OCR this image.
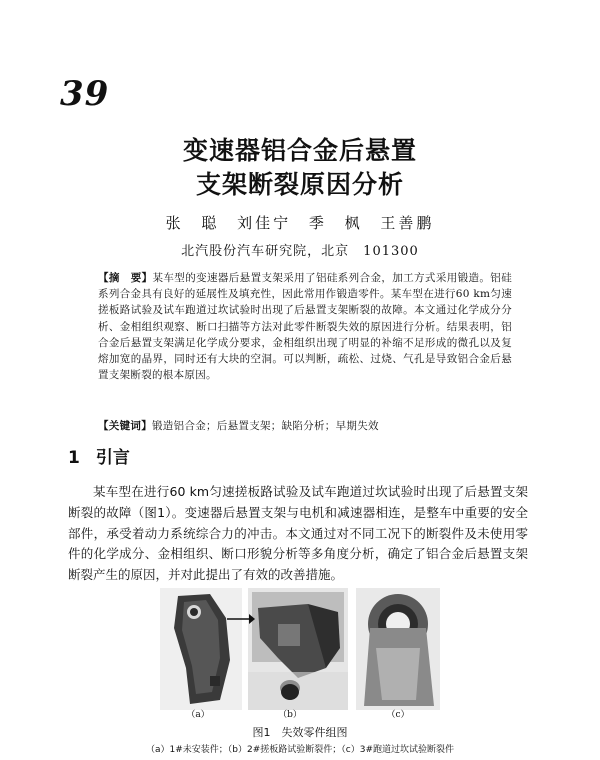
39
变速器铝合金后悬置
支架断裂原因分析
张 聪 刘佳宁 季 枫 王善鹏
北汽股份汽车研究院，北京　101300
【摘　要】某车型的变速器后悬置支架采用了铝硅系列合金，加工方式采用锻造。铝硅系列合金具有良好的延展性及填充性，因此常用作锻造零件。某车型在进行60 km匀速搓板路试验及试车跑道过坎试验时出现了后悬置支架断裂的故障。本文通过化学成分分析、金相组织观察、断口扫描等方法对此零件断裂失效的原因进行分析。结果表明，铝合金后悬置支架满足化学成分要求，金相组织出现了明显的补缩不足形成的微孔以及复熔加宽的晶界，同时还有大块的空洞。可以判断，疏松、过烧、气孔是导致铝合金后悬置支架断裂的根本原因。
【关键词】锻造铝合金；后悬置支架；缺陷分析；早期失效
1 引言
某车型在进行60 km匀速搓板路试验及试车跑道过坎试验时出现了后悬置支架断裂的故障（图1）。变速器后悬置支架与电机和减速器相连，是整车中重要的安全部件，承受着动力系统综合力的冲击。本文通过对不同工况下的断裂件及未使用零件的化学成分、金相组织、断口形貌分析等多角度分析，确定了铝合金后悬置支架断裂产生的原因，并对此提出了有效的改善措施。
（a）	（b）	（c）
图1　失效零件组图
（a）1#未安装件；（b）2#搓板路试验断裂件；（c）3#跑道过坎试验断裂件
